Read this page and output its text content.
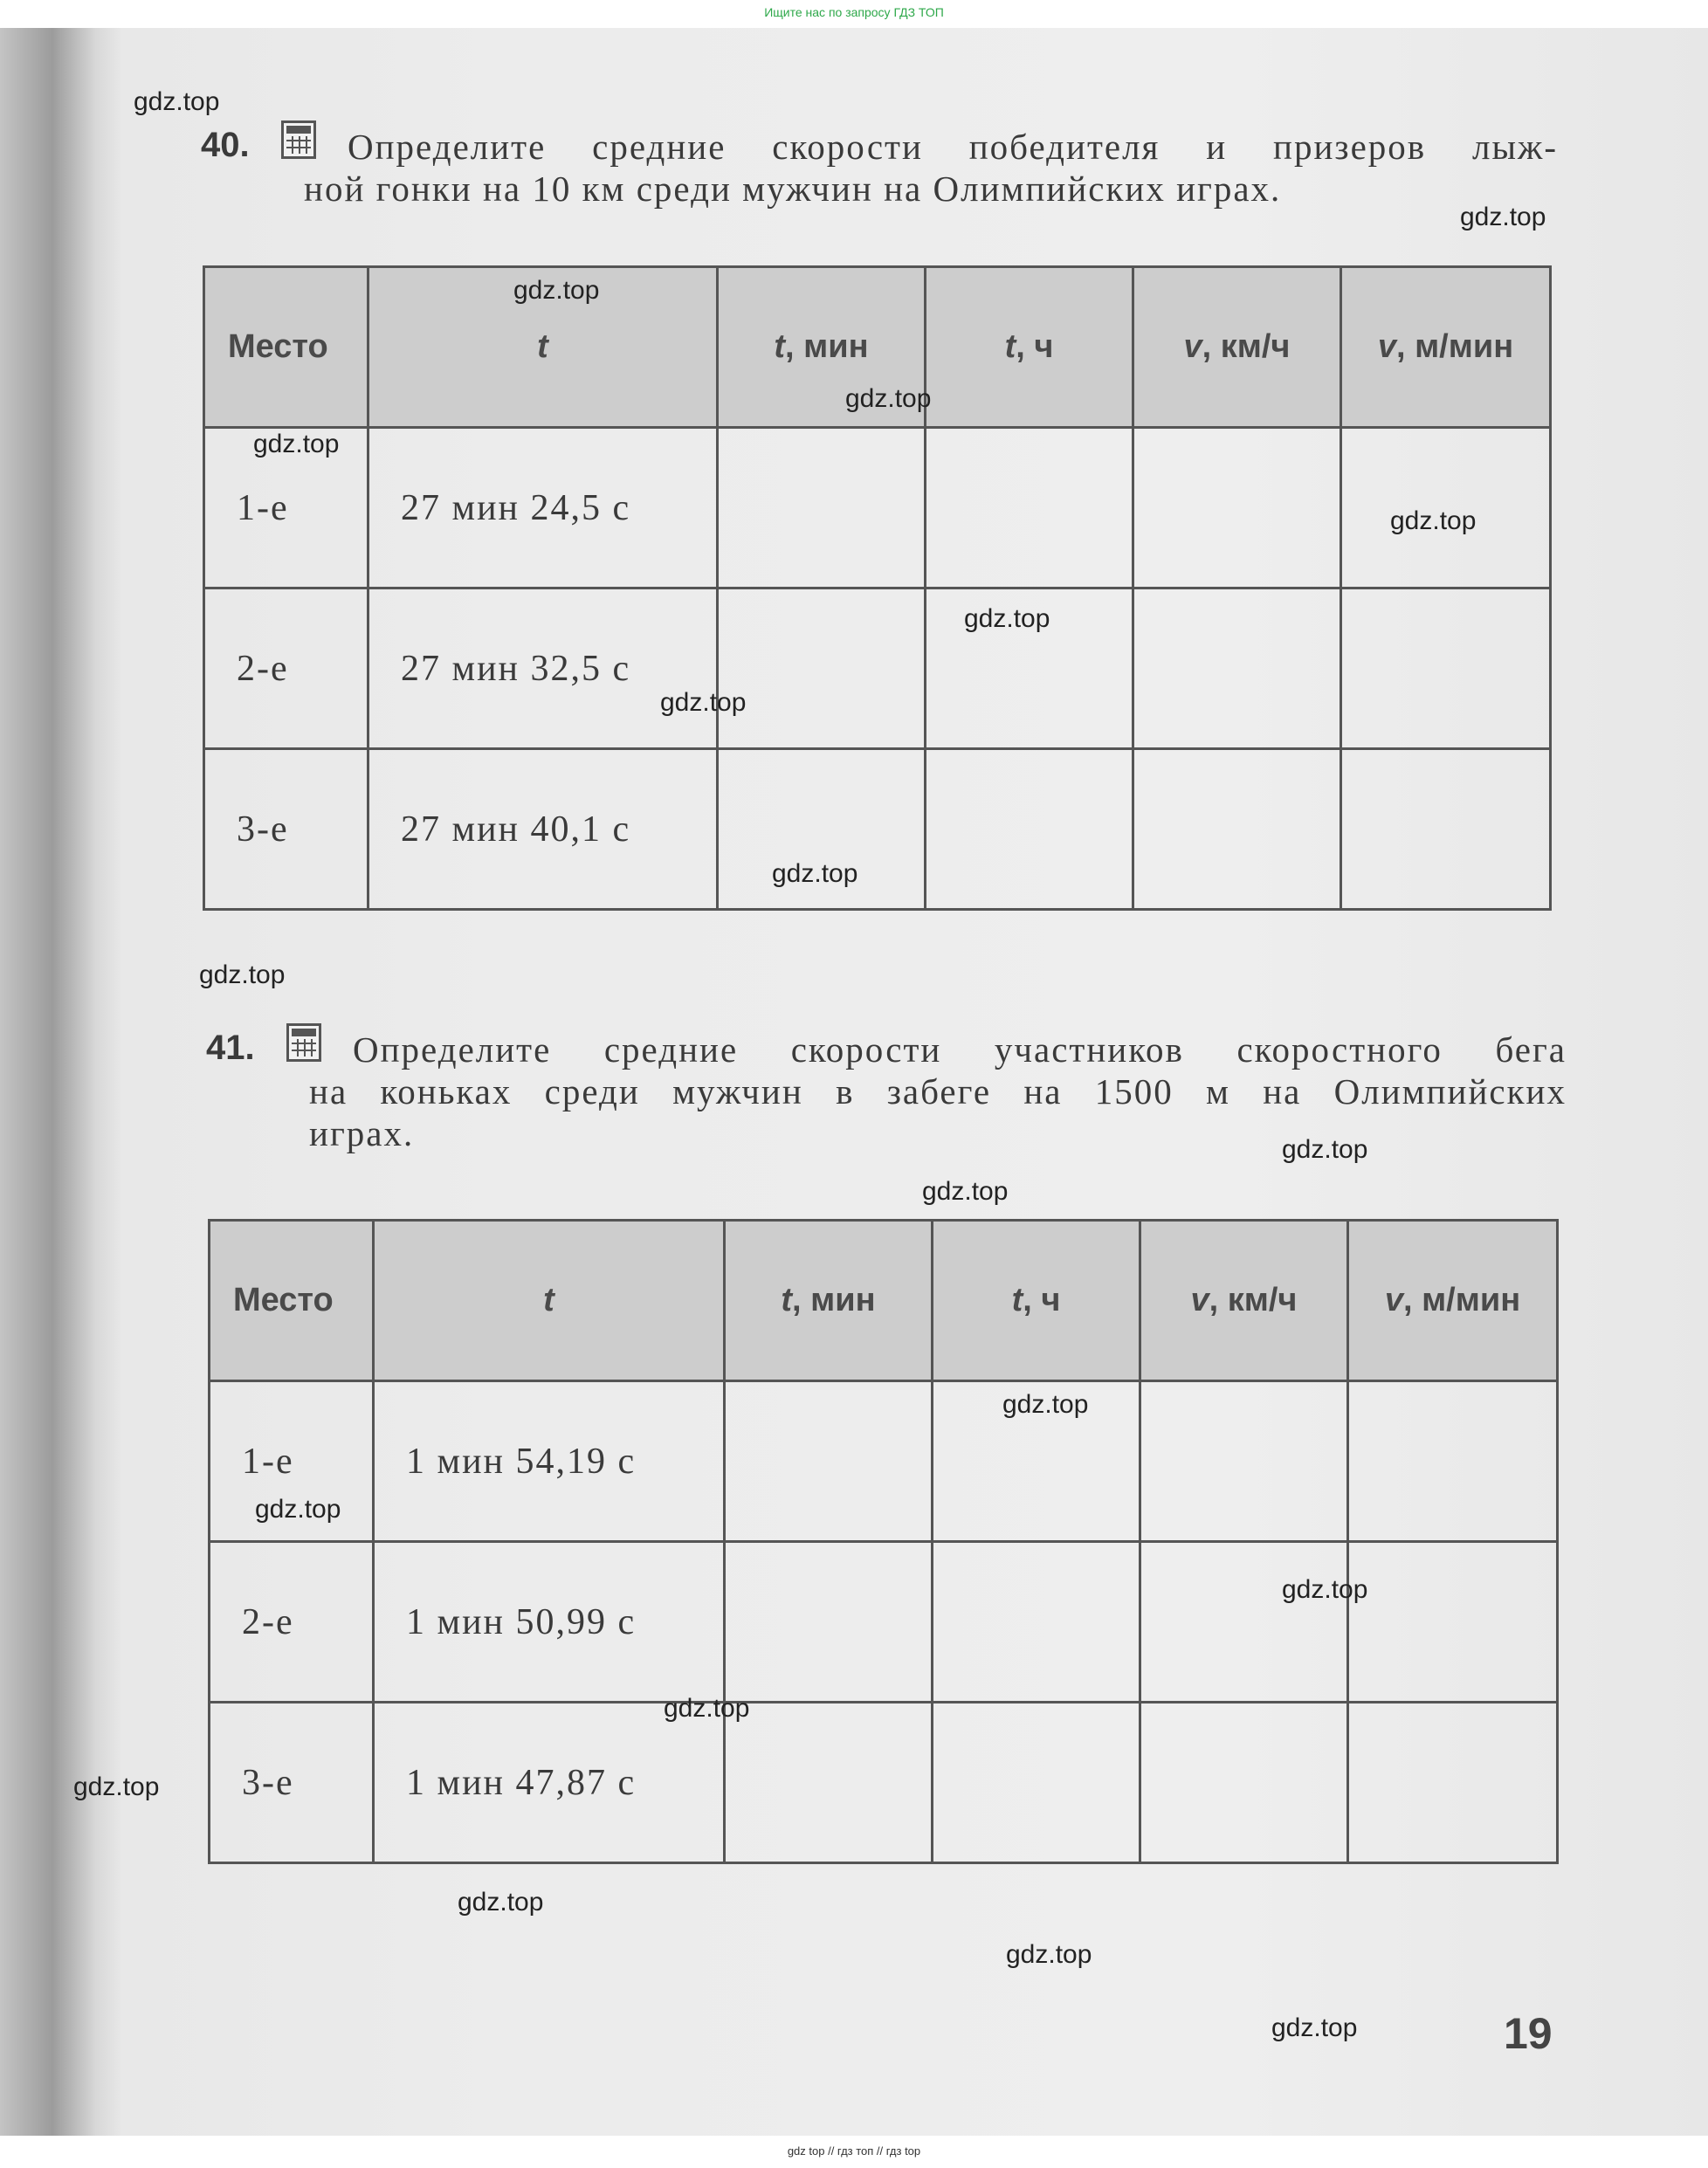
Ищите нас по запросу ГДЗ ТОП
40.	Определите средние скорости победителя и призеров лыж-
ной гонки на 10 км среди мужчин на Олимпийских играх.
Место	t	t, мин	t, ч	v, км/ч	v, м/мин
1-е	27 мин 24,5 с				
2-е	27 мин 32,5 с				
3-е	27 мин 40,1 с				
41.	Определите средние скорости участников скоростного бега
на коньках среди мужчин в забеге на 1500 м на Олимпийских
играх.
Место	t	t, мин	t, ч	v, км/ч	v, м/мин
1-е	1 мин 54,19 с				
2-е	1 мин 50,99 с				
3-е	1 мин 47,87 с				
19
gdz.top
gdz.top
gdz.top
gdz.top
gdz.top
gdz.top
gdz.top
gdz.top
gdz.top
gdz.top
gdz.top
gdz.top
gdz.top
gdz.top
gdz.top
gdz.top
gdz.top
gdz.top
gdz.top
gdz.top
gdz top // гдз топ // гдз top
